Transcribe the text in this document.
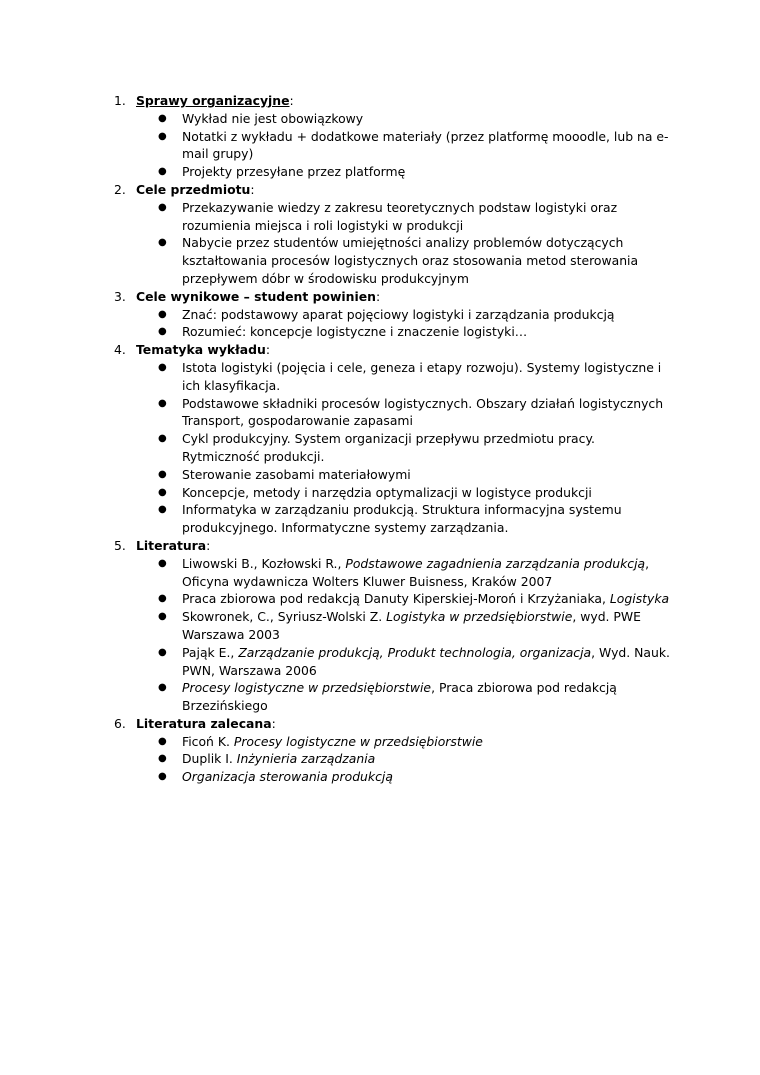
1. Sprawy organizacyjne:
● Wykład nie jest obowiązkowy
● Notatki z wykładu + dodatkowe materiały (przez platformę mooodle, lub na e-mail grupy)
● Projekty przesyłane przez platformę
2. Cele przedmiotu:
● Przekazywanie wiedzy z zakresu teoretycznych podstaw logistyki oraz rozumienia miejsca i roli logistyki w produkcji
● Nabycie przez studentów umiejętności analizy problemów dotyczących kształtowania procesów logistycznych oraz stosowania metod sterowania przepływem dóbr w środowisku produkcyjnym
3. Cele wynikowe – student powinien:
● Znać: podstawowy aparat pojęciowy logistyki i zarządzania produkcją
● Rozumieć: koncepcje logistyczne i znaczenie logistyki…
4. Tematyka wykładu:
● Istota logistyki (pojęcia i cele, geneza i etapy rozwoju). Systemy logistyczne i ich klasyfikacja.
● Podstawowe składniki procesów logistycznych. Obszary działań logistycznych Transport, gospodarowanie zapasami
● Cykl produkcyjny. System organizacji przepływu przedmiotu pracy. Rytmiczność produkcji.
● Sterowanie zasobami materiałowymi
● Koncepcje, metody i narzędzia optymalizacji w logistyce produkcji
● Informatyka w zarządzaniu produkcją. Struktura informacyjna systemu produkcyjnego. Informatyczne systemy zarządzania.
5. Literatura:
● Liwowski B., Kozłowski R., Podstawowe zagadnienia zarządzania produkcją, Oficyna wydawnicza Wolters Kluwer Buisness, Kraków 2007
● Praca zbiorowa pod redakcją Danuty Kiperskiej-Moroń i Krzyżaniaka, Logistyka
● Skowronek, C., Syriusz-Wolski Z. Logistyka w przedsiębiorstwie, wyd. PWE Warszawa 2003
● Pająk E., Zarządzanie produkcją, Produkt technologia, organizacja, Wyd. Nauk. PWN, Warszawa 2006
● Procesy logistyczne w przedsiębiorstwie, Praca zbiorowa pod redakcją Brzezińskiego
6. Literatura zalecana:
● Ficoń K. Procesy logistyczne w przedsiębiorstwie
● Duplik I. Inżynieria zarządzania
● Organizacja sterowania produkcją
